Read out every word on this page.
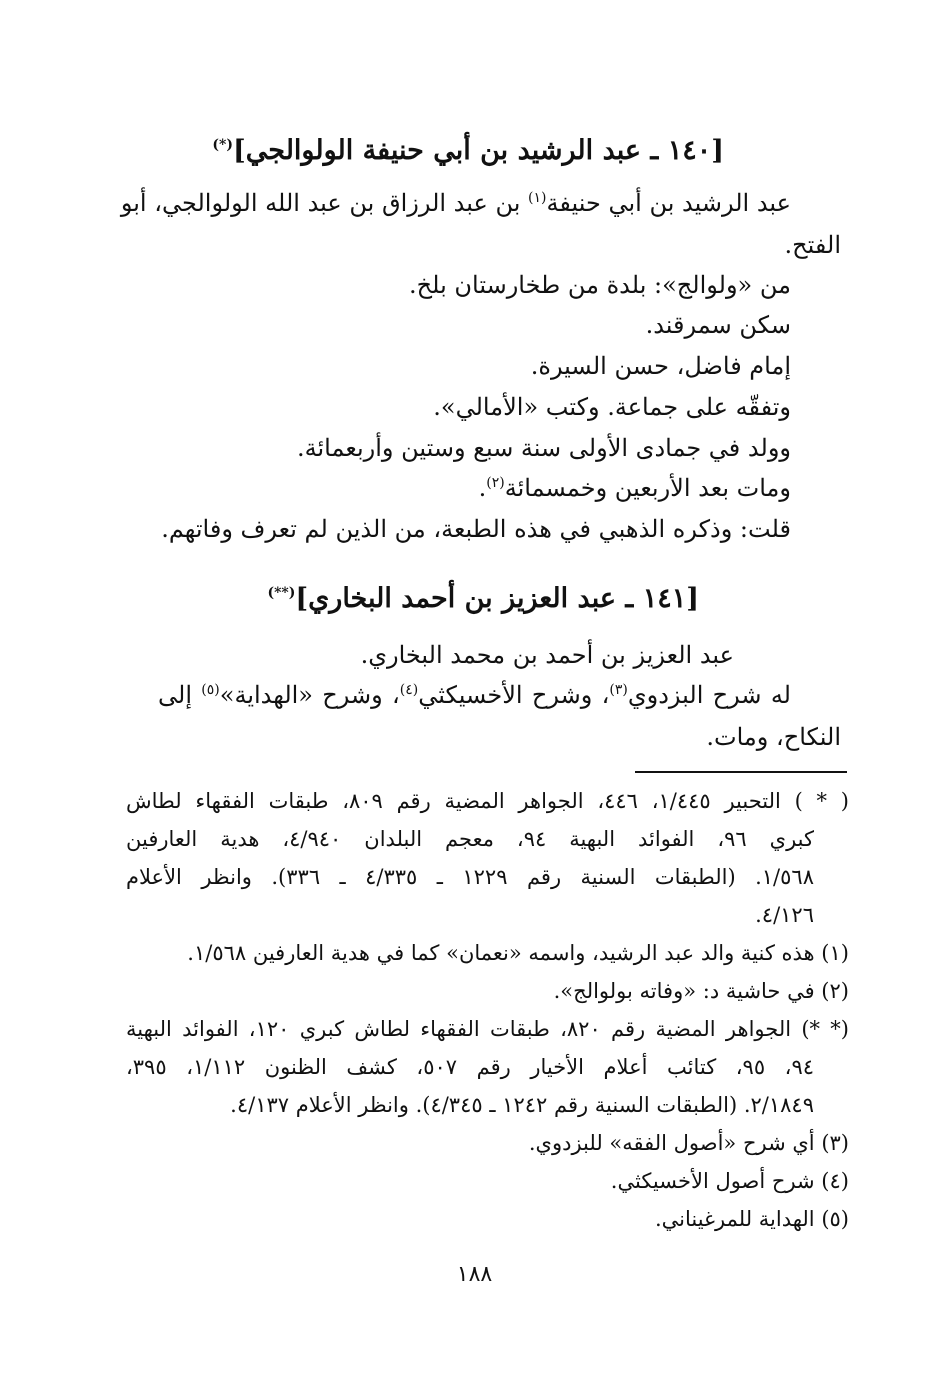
[١٤٠ ـ عبد الرشيد بن أبي حنيفة الولوالجي](*)
عبد الرشيد بن أبي حنيفة$^{(١)}$ بن عبد الرزاق بن عبد الله الولوالجي، أبو
الفتح.
من «ولوالج»: بلدة من طخارستان بلخ.
سكن سمرقند.
إمام فاضل، حسن السيرة.
وتفقّه على جماعة. وكتب «الأمالي».
وولد في جمادى الأولى سنة سبع وستين وأربعمائة.
ومات بعد الأربعين وخمسمائة$^{(٢)}$.
قلت: وذكره الذهبي في هذه الطبعة، من الذين لم تعرف وفاتهم.
[١٤١ ـ عبد العزيز بن أحمد البخاري](**)
عبد العزيز بن أحمد بن محمد البخاري.
له شرح البزدوي$^{(٣)}$، وشرح الأخسيكثي$^{(٤)}$، وشرح «الهداية»$^{(٥)}$ إلى
النكاح، ومات.
( * ) التحبير ١/٤٤٥، ٤٤٦، الجواهر المضية رقم ٨٠٩، طبقات الفقهاء لطاش
كبري ٩٦، الفوائد البهية ٩٤، معجم البلدان ٤/٩٤٠، هدية العارفين
١/٥٦٨. (الطبقات السنية رقم ١٢٢٩ ـ ٤/٣٣٥ ـ ٣٣٦). وانظر الأعلام
٤/١٢٦.
(١) هذه كنية والد عبد الرشيد، واسمه «نعمان» كما في هدية العارفين ١/٥٦٨.
(٢) في حاشية د: «وفاته بولوالج».
(* *) الجواهر المضية رقم ٨٢٠، طبقات الفقهاء لطاش كبري ١٢٠، الفوائد البهية
٩٤، ٩٥، كتائب أعلام الأخيار رقم ٥٠٧، كشف الظنون ١/١١٢، ٣٩٥،
٢/١٨٤٩. (الطبقات السنية رقم ١٢٤٢ ـ ٤/٣٤٥). وانظر الأعلام ٤/١٣٧.
(٣) أي شرح «أصول الفقه» للبزدوي.
(٤) شرح أصول الأخسيكثي.
(٥) الهداية للمرغيناني.
١٨٨
